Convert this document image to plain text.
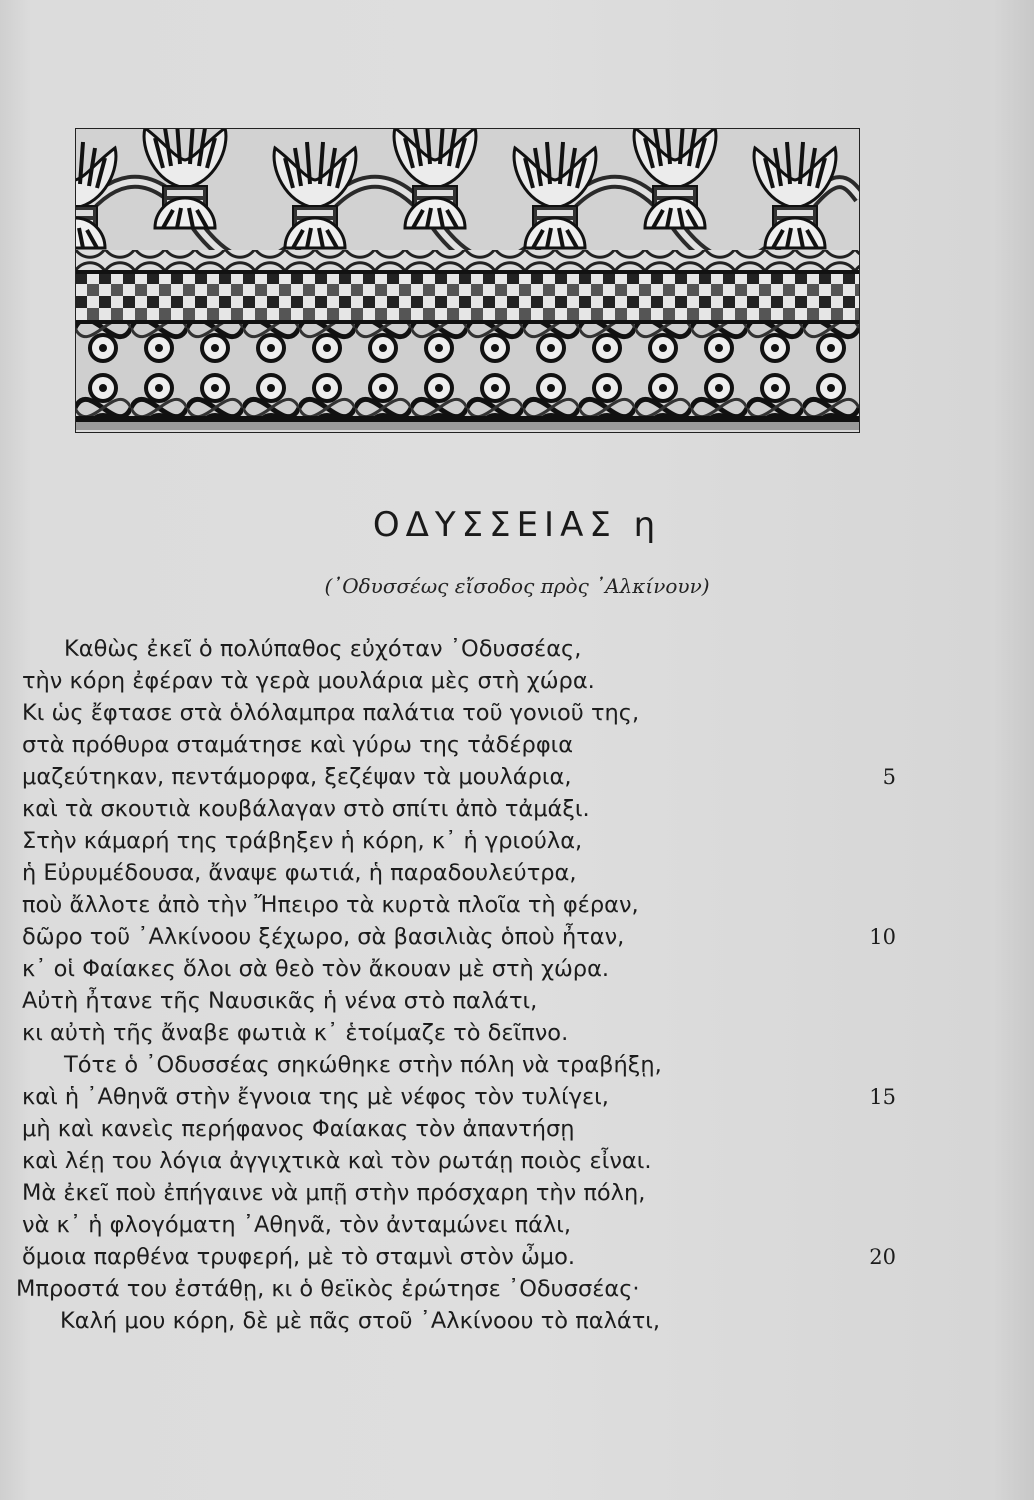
ΟΔΥΣΣΕΙΑΣ η
(᾿Οδυσσέως εἴσοδος πρὸς ᾿Αλκίνουν)
Καθὼς ἐκεῖ ὁ πολύπαθος εὐχόταν ᾿Οδυσσέας,
τὴν κόρη ἐφέραν τὰ γερὰ μουλάρια μὲς στὴ χώρα.
Κι ὡς ἔφτασε στὰ ὁλόλαμπρα παλάτια τοῦ γονιοῦ της,
στὰ πρόθυρα σταμάτησε καὶ γύρω της τἀδέρφια
μαζεύτηκαν, πεντάμορφα, ξεζέψαν τὰ μουλάρια,	5
καὶ τὰ σκουτιὰ κουβάλαγαν στὸ σπίτι ἀπὸ τἀμάξι.
Στὴν κάμαρή της τράβηξεν ἡ κόρη, κ᾿ ἡ γριούλα,
ἡ Εὐρυμέδουσα, ἄναψε φωτιά, ἡ παραδουλεύτρα,
ποὺ ἄλλοτε ἀπὸ τὴν Ἤπειρο τὰ κυρτὰ πλοῖα τὴ φέραν,
δῶρο τοῦ ᾿Αλκίνοου ξέχωρο, σὰ βασιλιὰς ὁποὺ ἦταν,	10
κ᾿ οἱ Φαίακες ὅλοι σὰ θεὸ τὸν ἄκουαν μὲ στὴ χώρα.
Αὐτὴ ἦτανε τῆς Ναυσικᾶς ἡ νένα στὸ παλάτι,
κι αὐτὴ τῆς ἄναβε φωτιὰ κ᾿ ἑτοίμαζε τὸ δεῖπνο.
Τότε ὁ ᾿Οδυσσέας σηκώθηκε στὴν πόλη νὰ τραβήξῃ,
καὶ ἡ ᾿Αθηνᾶ στὴν ἔγνοια της μὲ νέφος τὸν τυλίγει,	15
μὴ καὶ κανεὶς περήφανος Φαίακας τὸν ἀπαντήσῃ
καὶ λέῃ του λόγια ἀγγιχτικὰ καὶ τὸν ρωτάῃ ποιὸς εἶναι.
Μὰ ἐκεῖ ποὺ ἐπήγαινε νὰ μπῇ στὴν πρόσχαρη τὴν πόλη,
νὰ κ᾿ ἡ φλογόματη ᾿Αθηνᾶ, τὸν ἀνταμώνει πάλι,
ὅμοια παρθένα τρυφερή, μὲ τὸ σταμνὶ στὸν ὦμο.	20
Μπροστά του ἐστάθῃ, κι ὁ θεϊκὸς ἐρώτησε ᾿Οδυσσέας·
Καλή μου κόρη, δὲ μὲ πᾶς στοῦ ᾿Αλκίνοου τὸ παλάτι,
